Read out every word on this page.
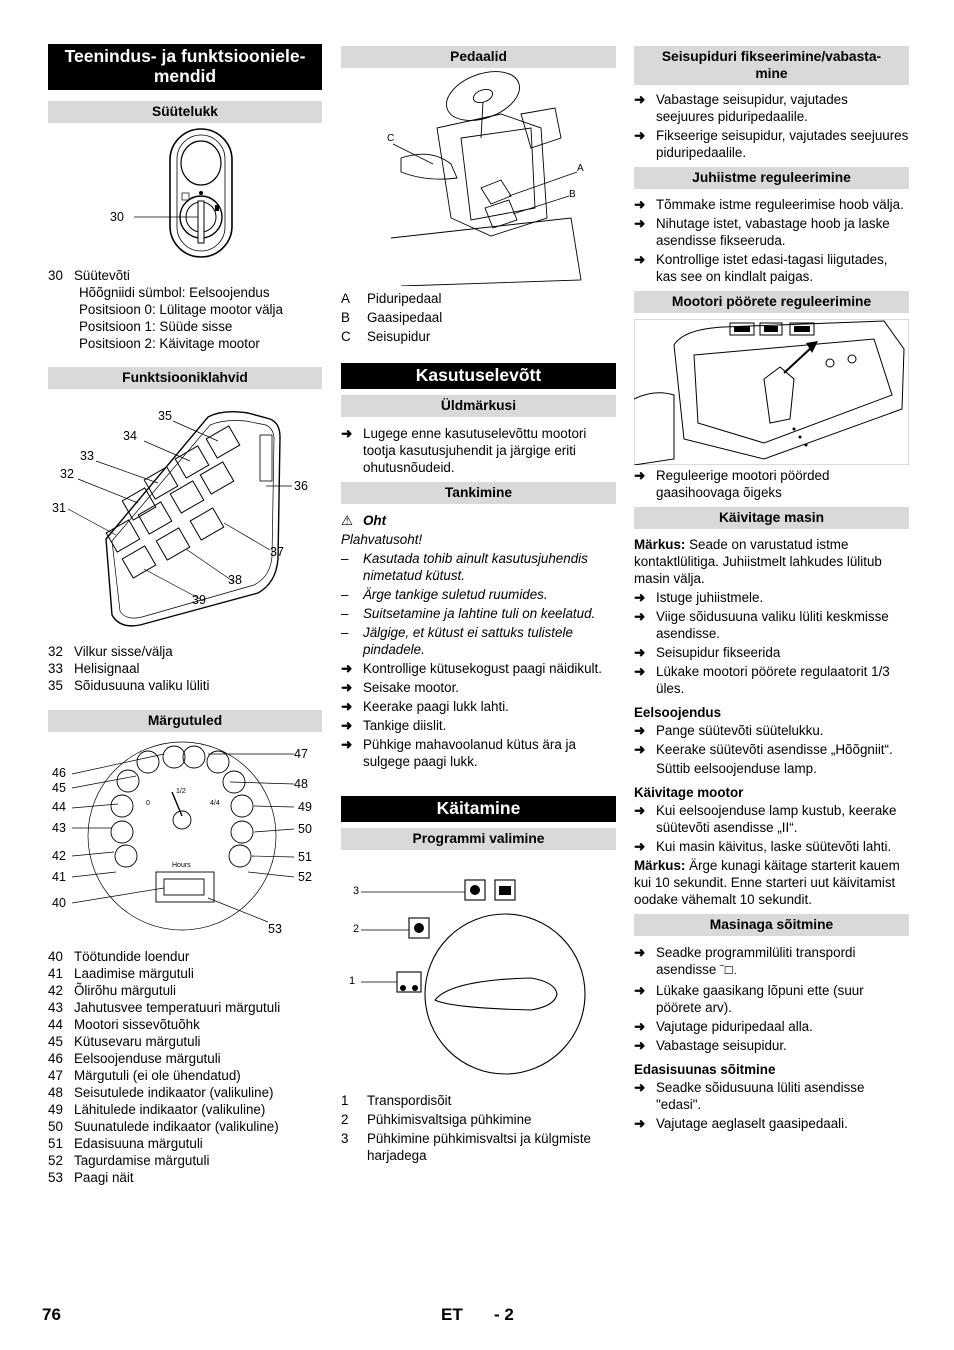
Teenindus- ja funktsiooniele-
mendid
Süütelukk
30
30 Süütevõti
Hõõgniidi sümbol: Eelsoojendus
Positsioon 0: Lülitage mootor välja
Positsioon 1: Süüde sisse
Positsioon 2: Käivitage mootor
Funktsiooniklahvid
35
34
33
32
31
36
37
38
39
32 Vilkur sisse/välja
33 Helisignaal
35 Sõidusuuna valiku lüliti
Märgutuled
46
45
44
43
42
41
40
47
48
49
50
51
52
53
Hours
0
1/2
4/4
40 Töötundide loendur
41 Laadimise märgutuli
42 Õlirõhu märgutuli
43 Jahutusvee temperatuuri märgutuli
44 Mootori sissevõtuõhk
45 Kütusevaru märgutuli
46 Eelsoojenduse märgutuli
47 Märgutuli (ei ole ühendatud)
48 Seisutulede indikaator (valikuline)
49 Lähitulede indikaator (valikuline)
50 Suunatulede indikaator (valikuline)
51 Edasisuuna märgutuli
52 Tagurdamise märgutuli
53 Paagi näit
Pedaalid
C
A
B
A	Piduripedaal
B	Gaasipedaal
C	Seisupidur
Kasutuselevõtt
Üldmärkusi
➜ Lugege enne kasutuselevõttu mootori tootja kasutusjuhendit ja järgige eriti ohutusnõudeid.
Tankimine
⚠ Oht
Plahvatusoht!
–	Kasutada tohib ainult kasutusjuhendis nimetatud kütust.
–	Ärge tankige suletud ruumides.
–	Suitsetamine ja lahtine tuli on keelatud.
–	Jälgige, et kütust ei sattuks tulistele pindadele.
➜ Kontrollige kütusekogust paagi näidikult.
➜ Seisake mootor.
➜ Keerake paagi lukk lahti.
➜ Tankige diislit.
➜ Pühkige mahavoolanud kütus ära ja sulgege paagi lukk.
Käitamine
Programmi valimine
3
2
1
1	Transpordisõit
2	Pühkimisvaltsiga pühkimine
3	Pühkimine pühkimisvaltsi ja külgmiste harjadega
Seisupiduri fikseerimine/vabasta-
mine
➜ Vabastage seisupidur, vajutades seejuures piduripedaalile.
➜ Fikseerige seisupidur, vajutades seejuures piduripedaalile.
Juhiistme reguleerimine
➜ Tõmmake istme reguleerimise hoob välja.
➜ Nihutage istet, vabastage hoob ja laske asendisse fikseeruda.
➜ Kontrollige istet edasi-tagasi liigutades, kas see on kindlalt paigas.
Mootori pöörete reguleerimine
➜ Reguleerige mootori pöörded gaasihoovaga õigeks
Käivitage masin
Märkus: Seade on varustatud istme kontaktlülitiga. Juhiistmelt lahkudes lülitub masin välja.
➜ Istuge juhiistmele.
➜ Viige sõidusuuna valiku lüliti keskmisse asendisse.
➜ Seisupidur fikseerida
➜ Lükake mootori pöörete regulaatorit 1/3 üles.
Eelsoojendus
➜ Pange süütevõti süütelukku.
➜ Keerake süütevõti asendisse „Hõõgniit“.
Süttib eelsoojenduse lamp.
Käivitage mootor
➜ Kui eelsoojenduse lamp kustub, keerake süütevõti asendisse „II“.
➜ Kui masin käivitus, laske süütevõti lahti.
Märkus: Ärge kunagi käitage starterit kauem kui 10 sekundit. Enne starteri uut käivitamist oodake vähemalt 10 sekundit.
Masinaga sõitmine
➜ Seadke programmilüliti transpordi asendisse ‾☐.
➜ Lükake gaasikang lõpuni ette (suur pöörete arv).
➜ Vajutage piduripedaal alla.
➜ Vabastage seisupidur.
Edasisuunas sõitmine
➜ Seadke sõidusuuna lüliti asendisse "edasi".
➜ Vajutage aeglaselt gaasipedaali.
76	ET - 2
